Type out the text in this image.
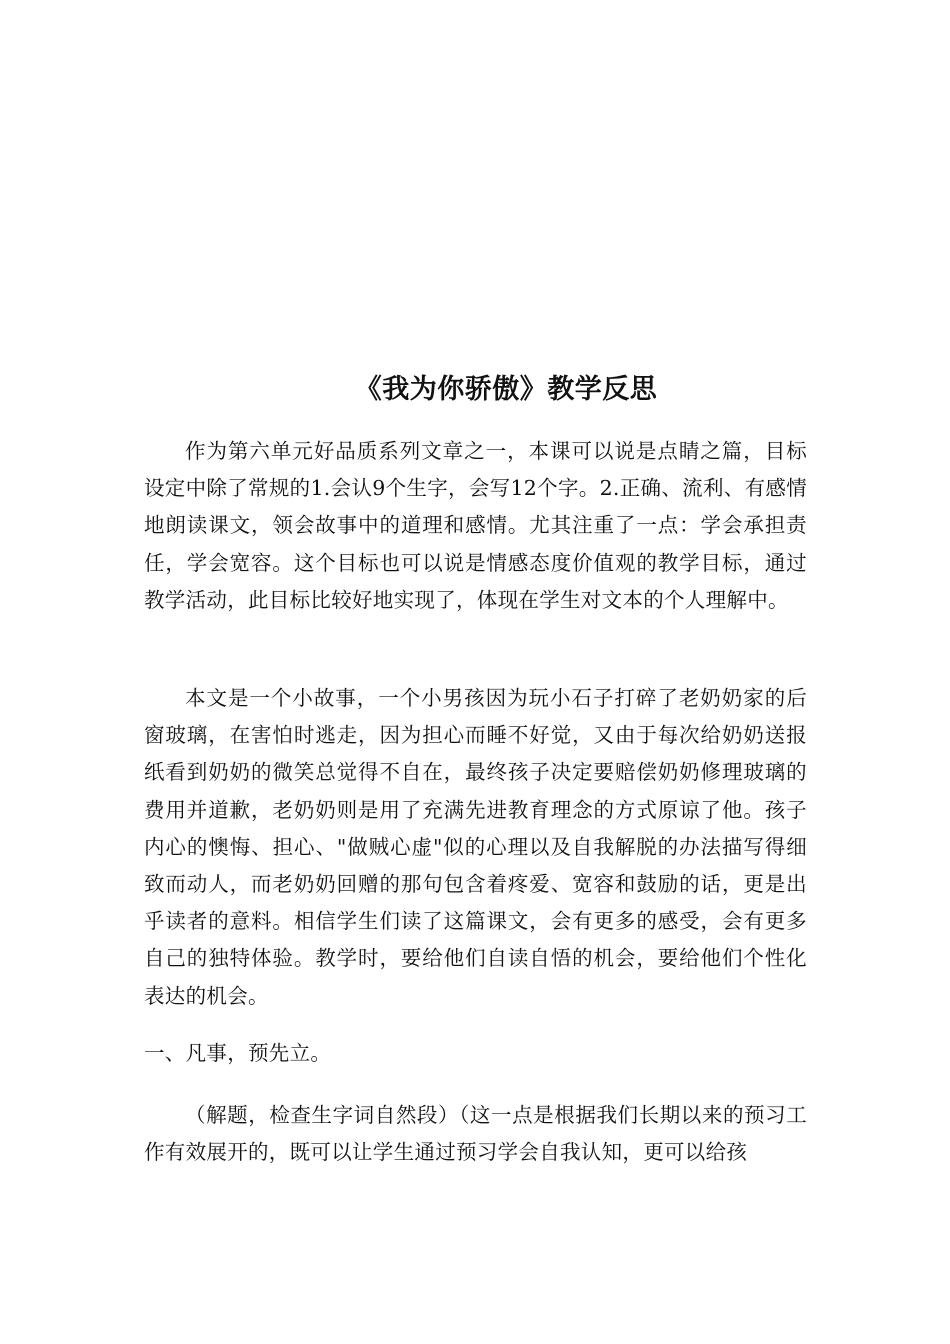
《我为你骄傲》教学反思

作为第六单元好品质系列文章之一，本课可以说是点睛之篇，目标设定中除了常规的1.会认9个生字，会写12个字。2.正确、流利、有感情地朗读课文，领会故事中的道理和感情。尤其注重了一点：学会承担责任，学会宽容。这个目标也可以说是情感态度价值观的教学目标，通过教学活动，此目标比较好地实现了，体现在学生对文本的个人理解中。

本文是一个小故事，一个小男孩因为玩小石子打碎了老奶奶家的后窗玻璃，在害怕时逃走，因为担心而睡不好觉，又由于每次给奶奶送报纸看到奶奶的微笑总觉得不自在，最终孩子决定要赔偿奶奶修理玻璃的费用并道歉，老奶奶则是用了充满先进教育理念的方式原谅了他。孩子内心的懊悔、担心、"做贼心虚"似的心理以及自我解脱的办法描写得细致而动人，而老奶奶回赠的那句包含着疼爱、宽容和鼓励的话，更是出乎读者的意料。相信学生们读了这篇课文，会有更多的感受，会有更多自己的独特体验。教学时，要给他们自读自悟的机会，要给他们个性化表达的机会。

一、凡事，预先立。

（解题，检查生字词自然段）（这一点是根据我们长期以来的预习工作有效展开的，既可以让学生通过预习学会自我认知，更可以给孩
